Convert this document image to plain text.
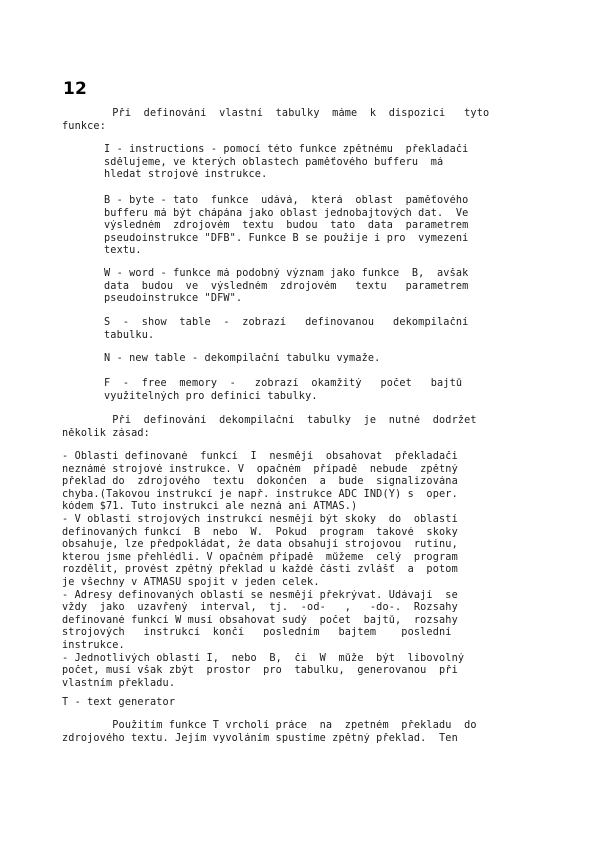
12
Při  definování  vlastní  tabulky  máme  k  dispozici   tyto
funkce:
I - instructions - pomocí této funkce zpětnému  překladači
sdělujeme, ve kterých oblastech paměťového bufferu  má
hledat strojové instrukce.
B - byte - tato  funkce  udává,  která  oblast  paměťového
bufferu má být chápána jako oblast jednobajtových dat.  Ve
výsledném  zdrojovém  textu  budou  tato  data  parametrem
pseudoinstrukce "DFB". Funkce B se použije i pro  vymezení
textu.
W - word - funkce má podobný význam jako funkce  B,  avšak
data  budou  ve  výsledném  zdrojovém   textu   parametrem
pseudoinstrukce "DFW".
S  -  show  table  -  zobrazí   definovanou   dekompilační
tabulku.
N - new table - dekompilační tabulku vymaže.
F  -  free  memory  -   zobrazí  okamžitý   počet   bajtů
využitelných pro definici tabulky.
Při  definování  dekompilační  tabulky  je  nutné  dodržet
několik zásad:
- Oblasti definované  funkcí  I  nesmějí  obsahovat  překladači
neznámé strojové instrukce. V  opačném  případě  nebude  zpětný
překlad do  zdrojového  textu  dokončen  a  bude  signalizována
chyba.(Takovou instrukcí je např. instrukce ADC IND(Y) s  oper.
kódem $71. Tuto instrukci ale nezná ani ATMAS.)
- V oblasti strojových instrukcí nesmějí být skoky  do  oblastí
definovaných funkcí  B  nebo  W.  Pokud  program  takové  skoky
obsahuje, lze předpokládat, že data obsahují strojovou  rutinu,
kterou jsme přehlédli. V opačném případě  můžeme  celý  program
rozdělit, provést zpětný překlad u každé části zvlášť  a  potom
je všechny v ATMASU spojit v jeden celek.
- Adresy definovaných oblastí se nesmějí překrývat. Udávají  se
vždy  jako  uzavřený  interval,  tj.  -od-   ,   -do-.  Rozsahy
definované funkcí W musí obsahovat sudý  počet  bajtů,  rozsahy
strojových   instrukcí  končí   posledním   bajtem    poslední
instrukce.
- Jednotlivých oblastí I,  nebo  B,  či  W  může  být  libovolný
počet, musí však zbýt  prostor  pro  tabulku,  generovanou  při
vlastním překladu.
T - text generator
Použitím funkce T vrcholí práce  na  zpetném  překladu  do
zdrojového textu. Jejím vyvoláním spustíme zpětný překlad.  Ten
